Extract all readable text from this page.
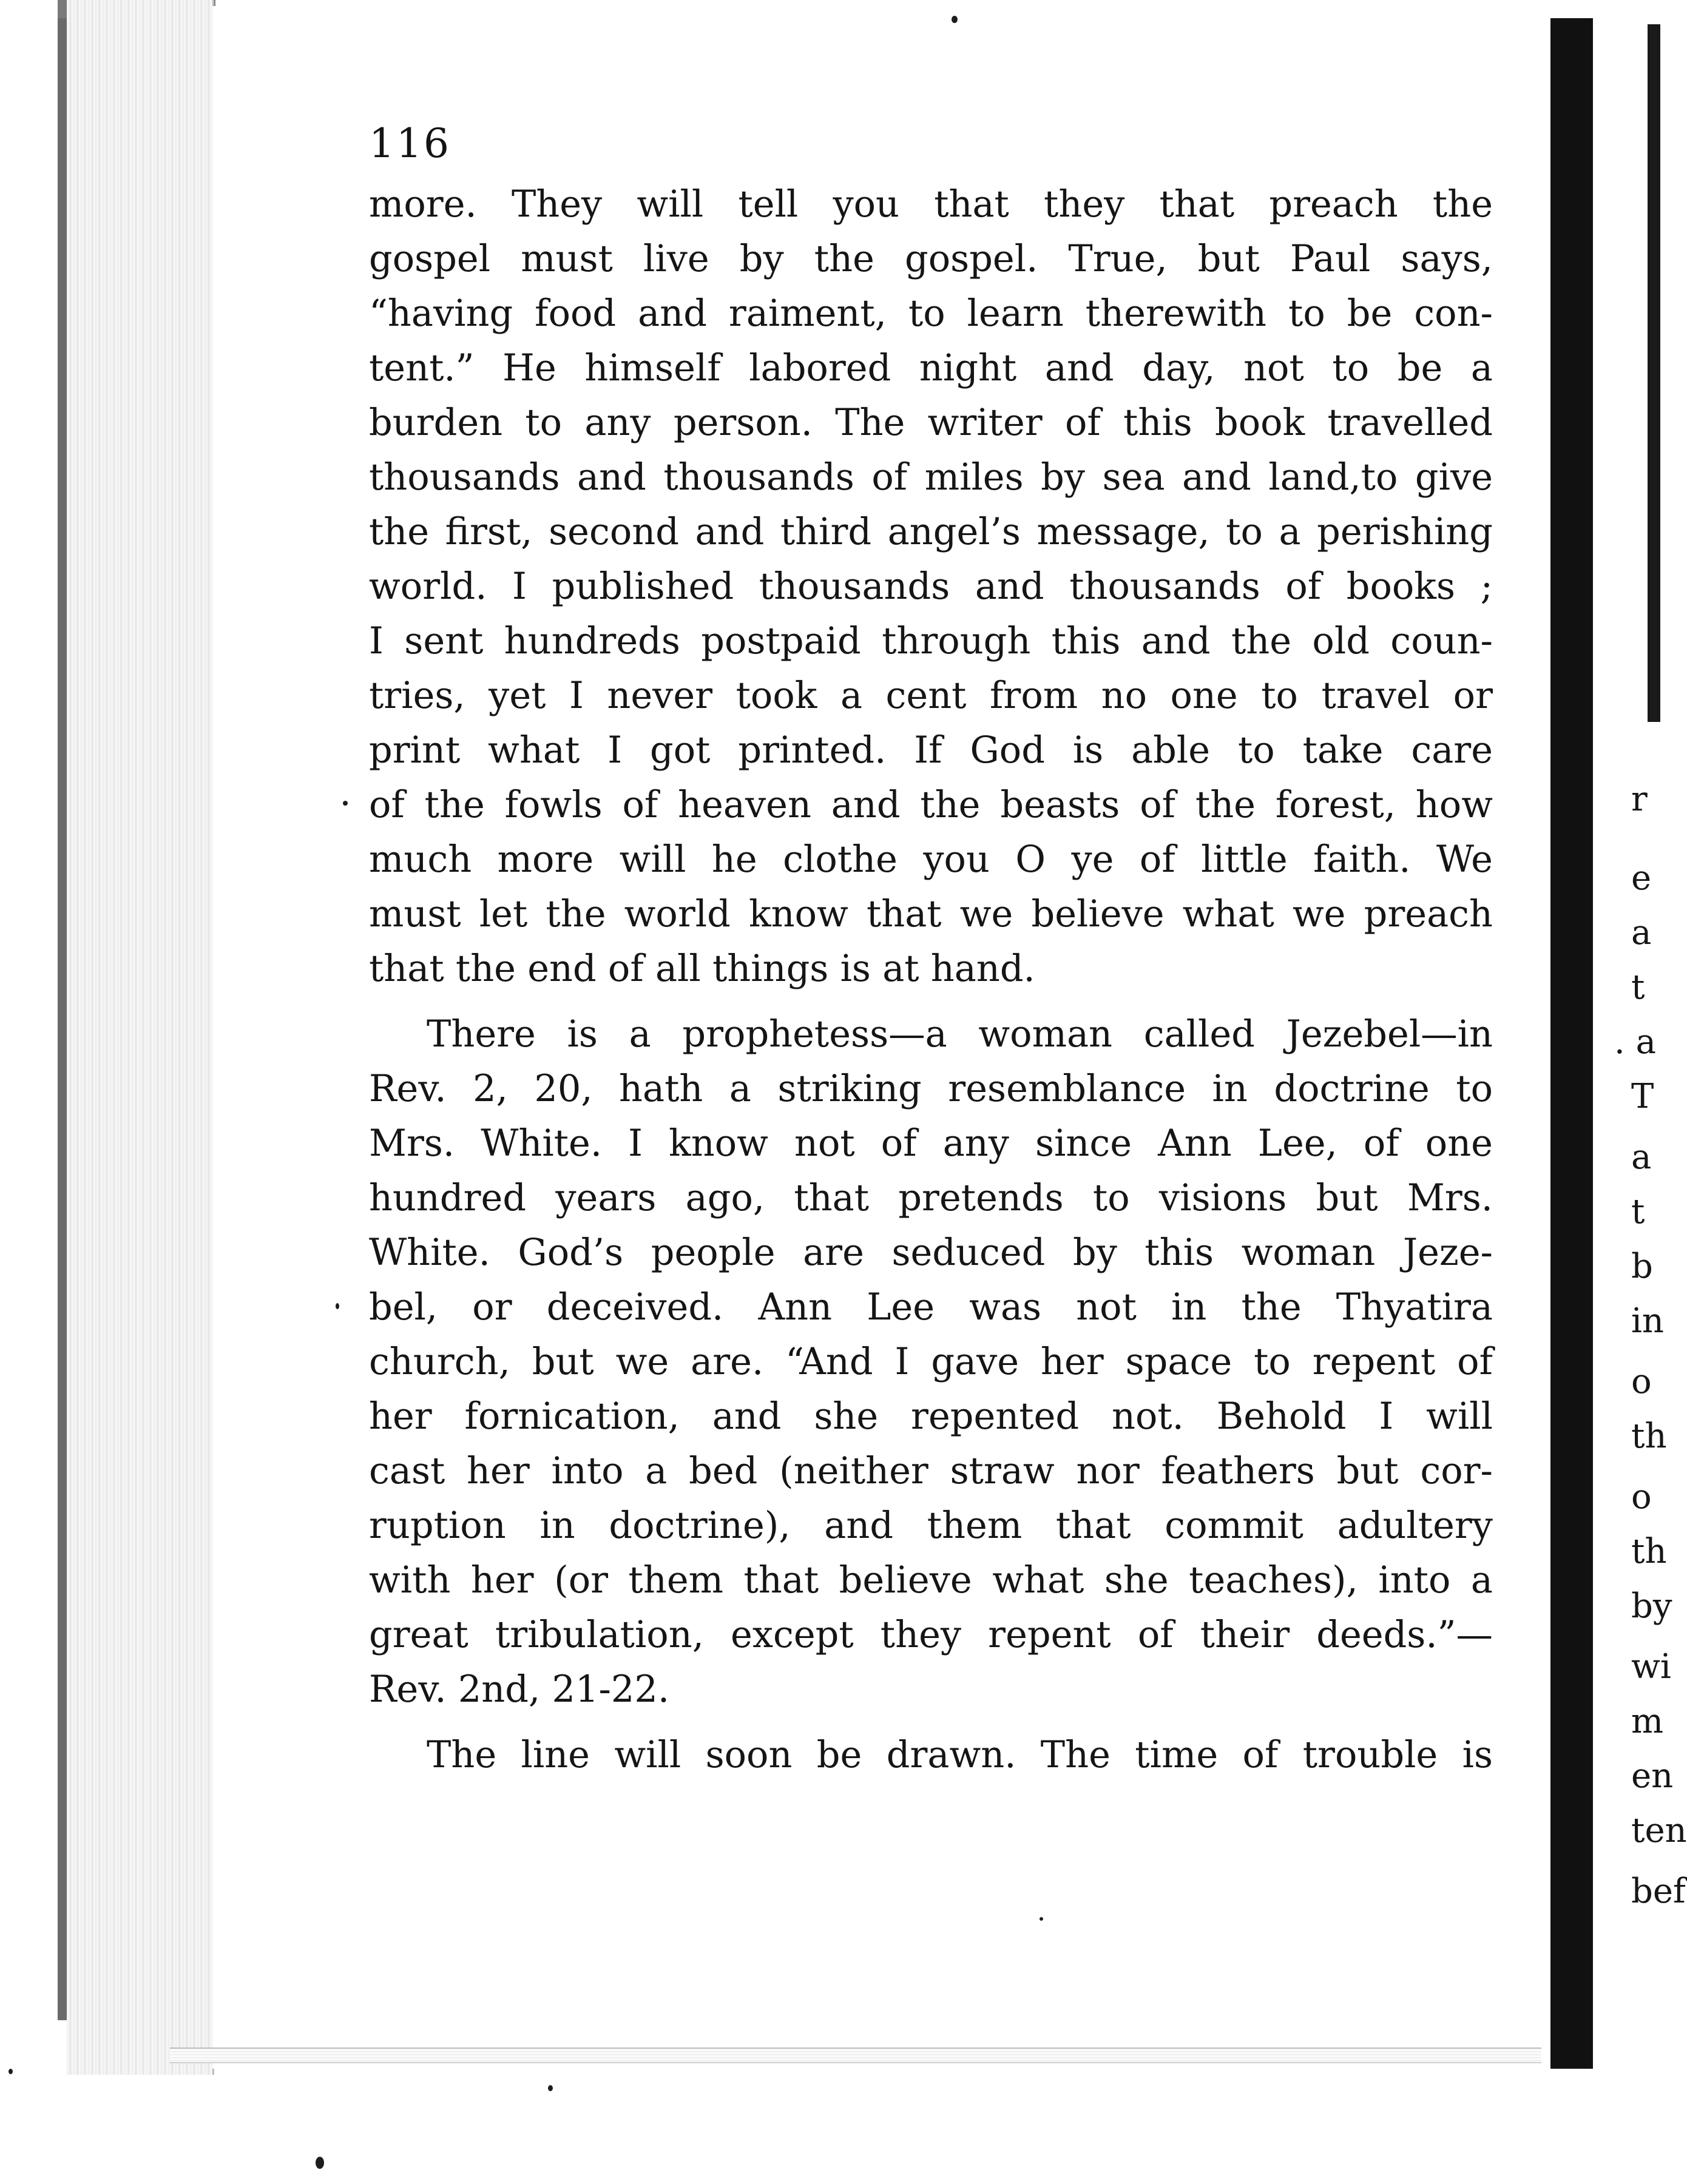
116
more. They will tell you that they that preach the
gospel must live by the gospel. True, but Paul says,
“having food and raiment, to learn therewith to be con-
tent.” He himself labored night and day, not to be a
burden to any person. The writer of this book travelled
thousands and thousands of miles by sea and land,to give
the first, second and third angel’s message, to a perishing
world. I published thousands and thousands of books ;
I sent hundreds postpaid through this and the old coun-
tries, yet I never took a cent from no one to travel or
print what I got printed. If God is able to take care
of the fowls of heaven and the beasts of the forest, how
much more will he clothe you O ye of little faith. We
must let the world know that we believe what we preach
that the end of all things is at hand.
There is a prophetess—a woman called Jezebel—in
Rev. 2, 20, hath a striking resemblance in doctrine to
Mrs. White. I know not of any since Ann Lee, of one
hundred years ago, that pretends to visions but Mrs.
White. God’s people are seduced by this woman Jeze-
bel, or deceived. Ann Lee was not in the Thyatira
church, but we are. “And I gave her space to repent of
her fornication, and she repented not. Behold I will
cast her into a bed (neither straw nor feathers but cor-
ruption in doctrine), and them that commit adultery
with her (or them that believe what she teaches), into a
great tribulation, except they repent of their deeds.”—
Rev. 2nd, 21-22.
The line will soon be drawn. The time of trouble is
r
e
a
t
. a
T
a
t
b
in
o
th
o
th
by
wi
m
en
ten
bef
